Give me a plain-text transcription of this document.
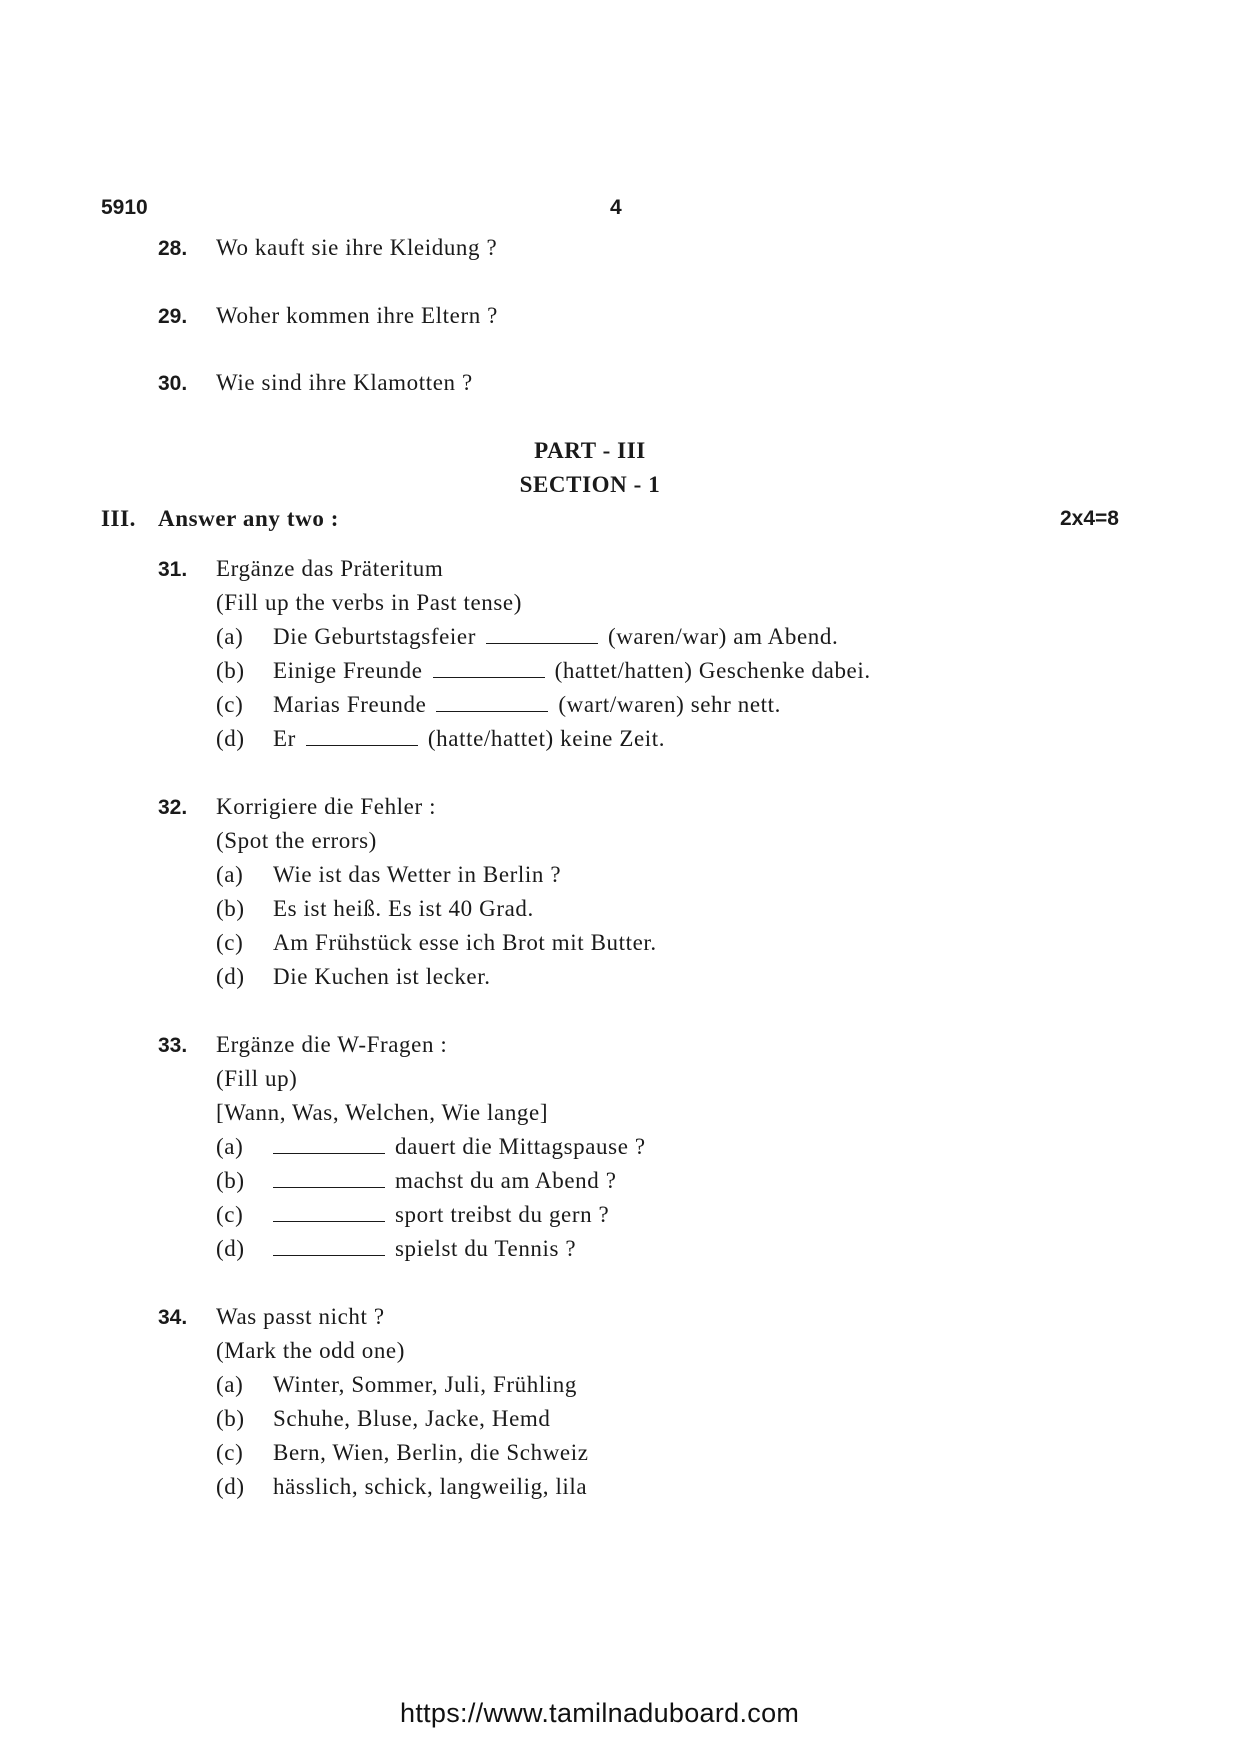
5910	4
28. Wo kauft sie ihre Kleidung ?
29. Woher kommen ihre Eltern ?
30. Wie sind ihre Klamotten ?
PART - III
SECTION - 1
III. Answer any two :	2x4=8
31. Ergänze das Präteritum
(Fill up the verbs in Past tense)
(a) Die Geburtstagsfeier	(waren/war) am Abend.
(b) Einige Freunde	(hattet/hatten) Geschenke dabei.
(c) Marias Freunde	(wart/waren) sehr nett.
(d) Er	(hatte/hattet) keine Zeit.
32. Korrigiere die Fehler :
(Spot the errors)
(a) Wie ist das Wetter in Berlin ?
(b) Es ist heiß. Es ist 40 Grad.
(c) Am Frühstück esse ich Brot mit Butter.
(d) Die Kuchen ist lecker.
33. Ergänze die W-Fragen :
(Fill up)
[Wann, Was, Welchen, Wie lange]
(a)	dauert die Mittagspause ?
(b)	machst du am Abend ?
(c)	sport treibst du gern ?
(d)	spielst du Tennis ?
34. Was passt nicht ?
(Mark the odd one)
(a) Winter, Sommer, Juli, Frühling
(b) Schuhe, Bluse, Jacke, Hemd
(c) Bern, Wien, Berlin, die Schweiz
(d) hässlich, schick, langweilig, lila
https://www.tamilnaduboard.com
